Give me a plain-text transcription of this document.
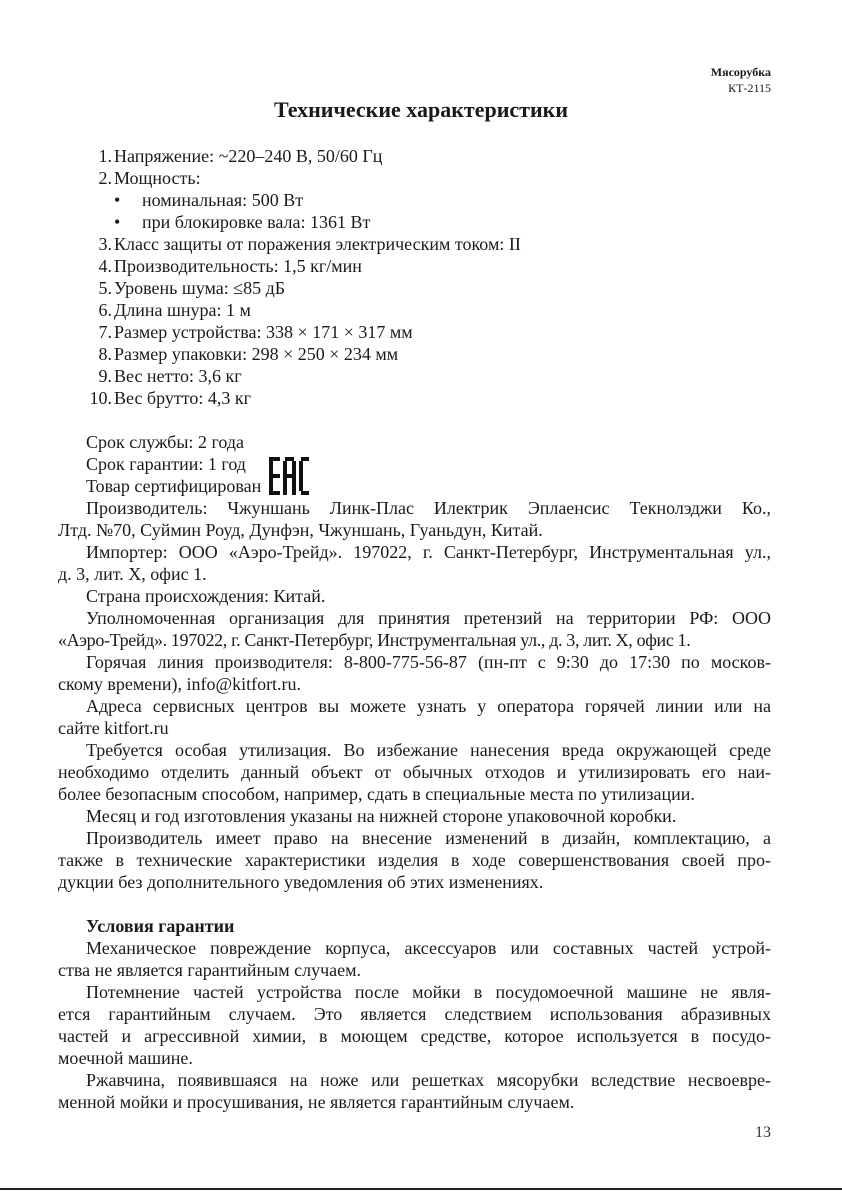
Мясорубка
КТ-2115
Технические характеристики
1. Напряжение: ~220–240 В, 50/60 Гц
2. Мощность:
•	номинальная: 500 Вт
•	при блокировке вала: 1361 Вт
3. Класс защиты от поражения электрическим током: II
4. Производительность: 1,5 кг/мин
5. Уровень шума: ≤85 дБ
6. Длина шнура: 1 м
7. Размер устройства: 338 × 171 × 317 мм
8. Размер упаковки: 298 × 250 × 234 мм
9. Вес нетто: 3,6 кг
10. Вес брутто: 4,3 кг
Срок службы: 2 года
Срок гарантии: 1 год
Товар сертифицирован
Производитель: Чжуншань Линк-Плас Илектрик Эплаенсис Текнолэджи Ко.,
Лтд. №70, Суймин Роуд, Дунфэн, Чжуншань, Гуаньдун, Китай.
Импортер: ООО «Аэро-Трейд». 197022, г. Санкт-Петербург, Инструментальная ул.,
д. 3, лит. Х, офис 1.
Страна происхождения: Китай.
Уполномоченная организация для принятия претензий на территории РФ: ООО
«Аэро-Трейд». 197022, г. Санкт-Петербург, Инструментальная ул., д. 3, лит. Х, офис 1.
Горячая линия производителя: 8-800-775-56-87 (пн-пт с 9:30 до 17:30 по москов-
скому времени), info@kitfort.ru.
Адреса сервисных центров вы можете узнать у оператора горячей линии или на
сайте kitfort.ru
Требуется особая утилизация. Во избежание нанесения вреда окружающей среде
необходимо отделить данный объект от обычных отходов и утилизировать его наи-
более безопасным способом, например, сдать в специальные места по утилизации.
Месяц и год изготовления указаны на нижней стороне упаковочной коробки.
Производитель имеет право на внесение изменений в дизайн, комплектацию, а
также в технические характеристики изделия в ходе совершенствования своей про-
дукции без дополнительного уведомления об этих изменениях.
Условия гарантии
Механическое повреждение корпуса, аксессуаров или составных частей устрой-
ства не является гарантийным случаем.
Потемнение частей устройства после мойки в посудомоечной машине не явля-
ется гарантийным случаем. Это является следствием использования абразивных
частей и агрессивной химии, в моющем средстве, которое используется в посудо-
моечной машине.
Ржавчина, появившаяся на ноже или решетках мясорубки вследствие несвоевре-
менной мойки и просушивания, не является гарантийным случаем.
13
